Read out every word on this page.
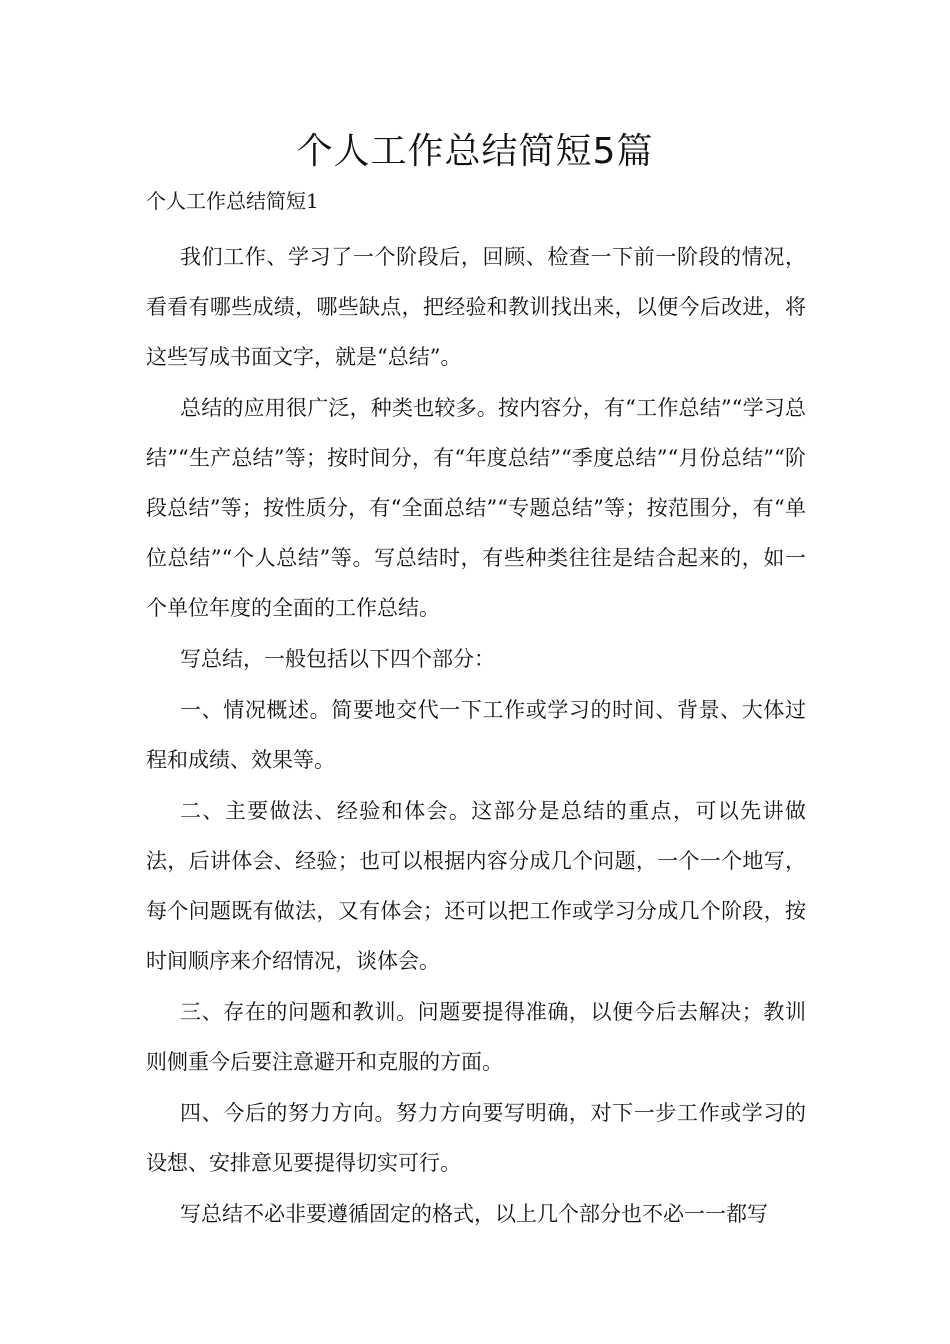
个人工作总结简短5篇
个人工作总结简短1

我们工作、学习了一个阶段后，回顾、检查一下前一阶段的情况，看看有哪些成绩，哪些缺点，把经验和教训找出来，以便今后改进，将这些写成书面文字，就是“总结”。

总结的应用很广泛，种类也较多。按内容分，有“工作总结”“学习总结”“生产总结”等；按时间分，有“年度总结”“季度总结”“月份总结”“阶段总结”等；按性质分，有“全面总结”“专题总结”等；按范围分，有“单位总结”“个人总结”等。写总结时，有些种类往往是结合起来的，如一个单位年度的全面的工作总结。

写总结，一般包括以下四个部分：

一、情况概述。简要地交代一下工作或学习的时间、背景、大体过程和成绩、效果等。

二、主要做法、经验和体会。这部分是总结的重点，可以先讲做法，后讲体会、经验；也可以根据内容分成几个问题，一个一个地写，每个问题既有做法，又有体会；还可以把工作或学习分成几个阶段，按时间顺序来介绍情况，谈体会。

三、存在的问题和教训。问题要提得准确，以便今后去解决；教训则侧重今后要注意避开和克服的方面。

四、今后的努力方向。努力方向要写明确，对下一步工作或学习的设想、安排意见要提得切实可行。

写总结不必非要遵循固定的格式，以上几个部分也不必一一都写
